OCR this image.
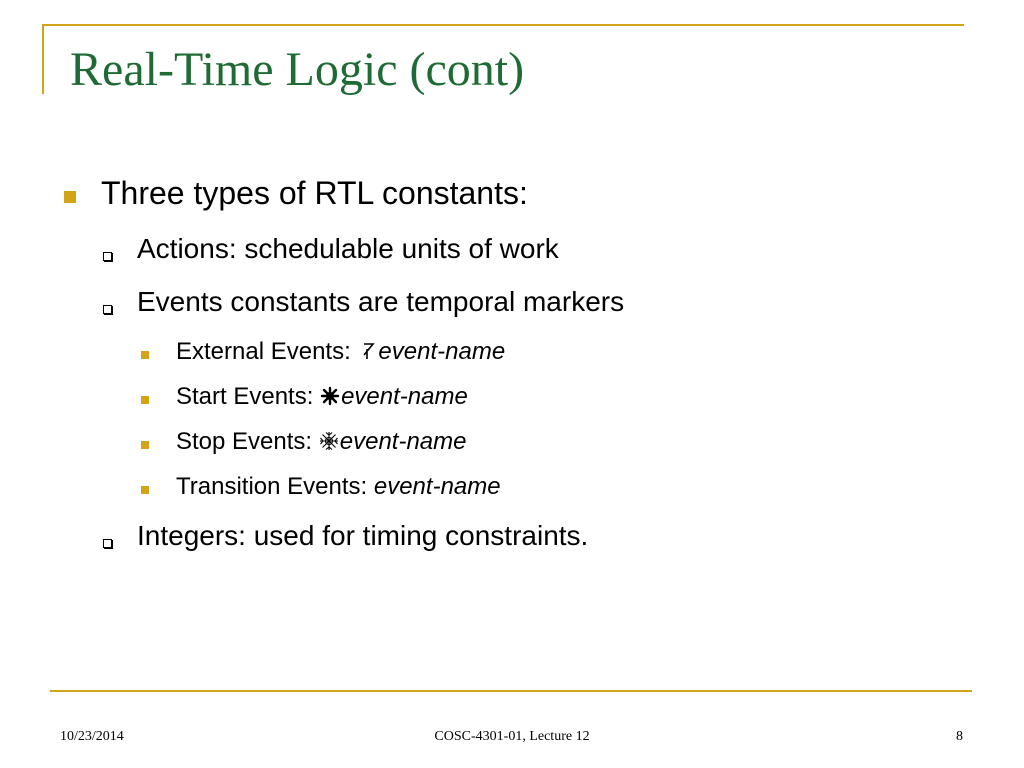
Real-Time Logic (cont)
Three types of RTL constants:
Actions: schedulable units of work
Events constants are temporal markers
External Events: event-name
Start Events: event-name
Stop Events: event-name
Transition Events: event-name
Integers: used for timing constraints.
10/23/2014	COSC-4301-01, Lecture 12	8
